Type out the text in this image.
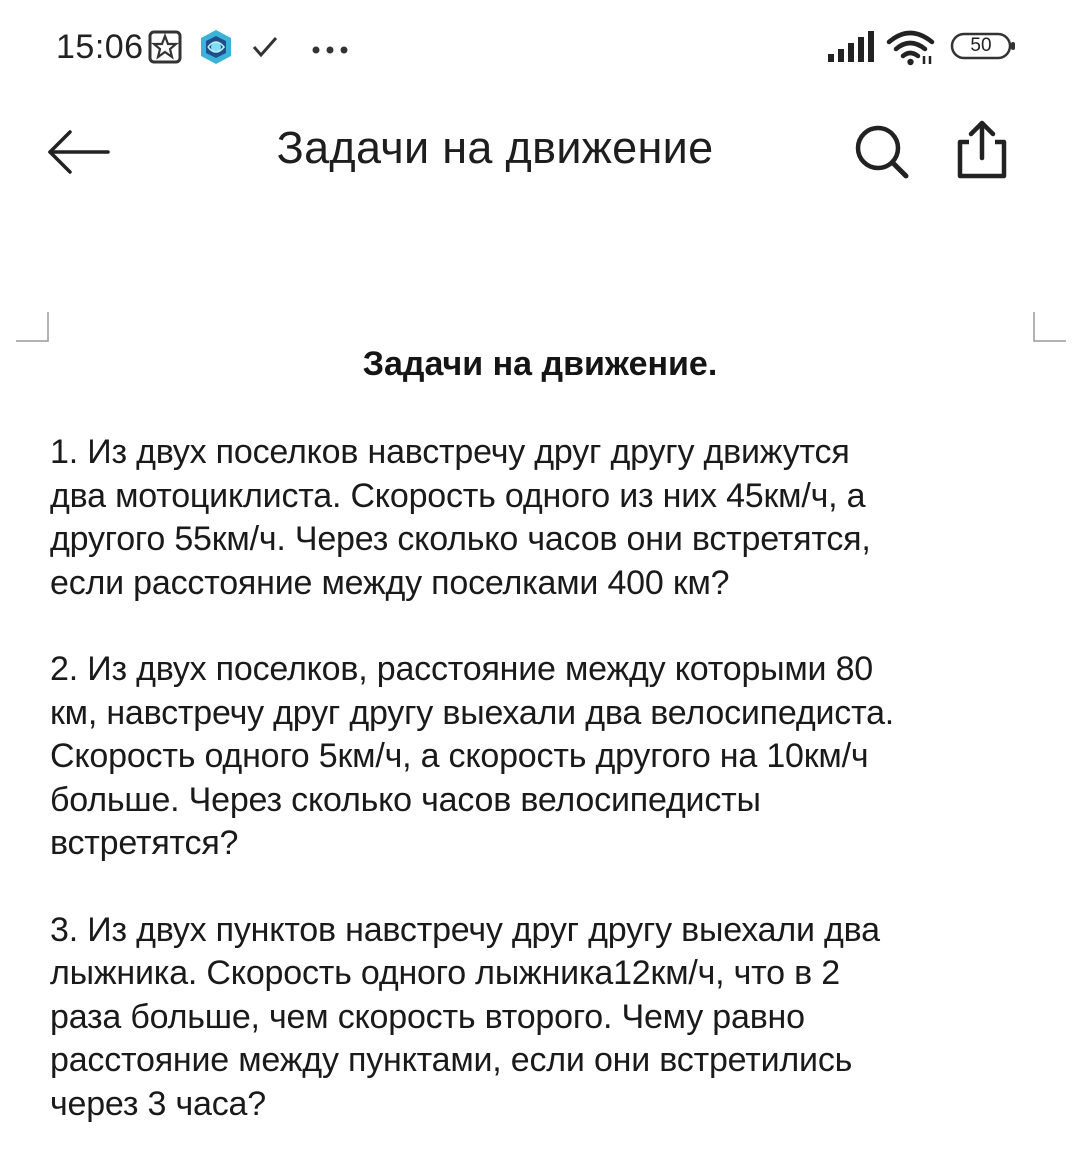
15:06	50
Задачи на движение
Задачи на движение.
1. Из двух поселков навстречу друг другу движутся
два мотоциклиста. Скорость одного из них 45км/ч, а
другого 55км/ч. Через сколько часов они встретятся,
если расстояние между поселками 400 км?
2. Из двух поселков, расстояние между которыми 80
км, навстречу друг другу выехали два велосипедиста.
Скорость одного 5км/ч, а скорость другого на 10км/ч
больше. Через сколько часов велосипедисты
встретятся?
3. Из двух пунктов навстречу друг другу выехали два
лыжника. Скорость одного лыжника12км/ч, что в 2
раза больше, чем скорость второго. Чему равно
расстояние между пунктами, если они встретились
через 3 часа?
